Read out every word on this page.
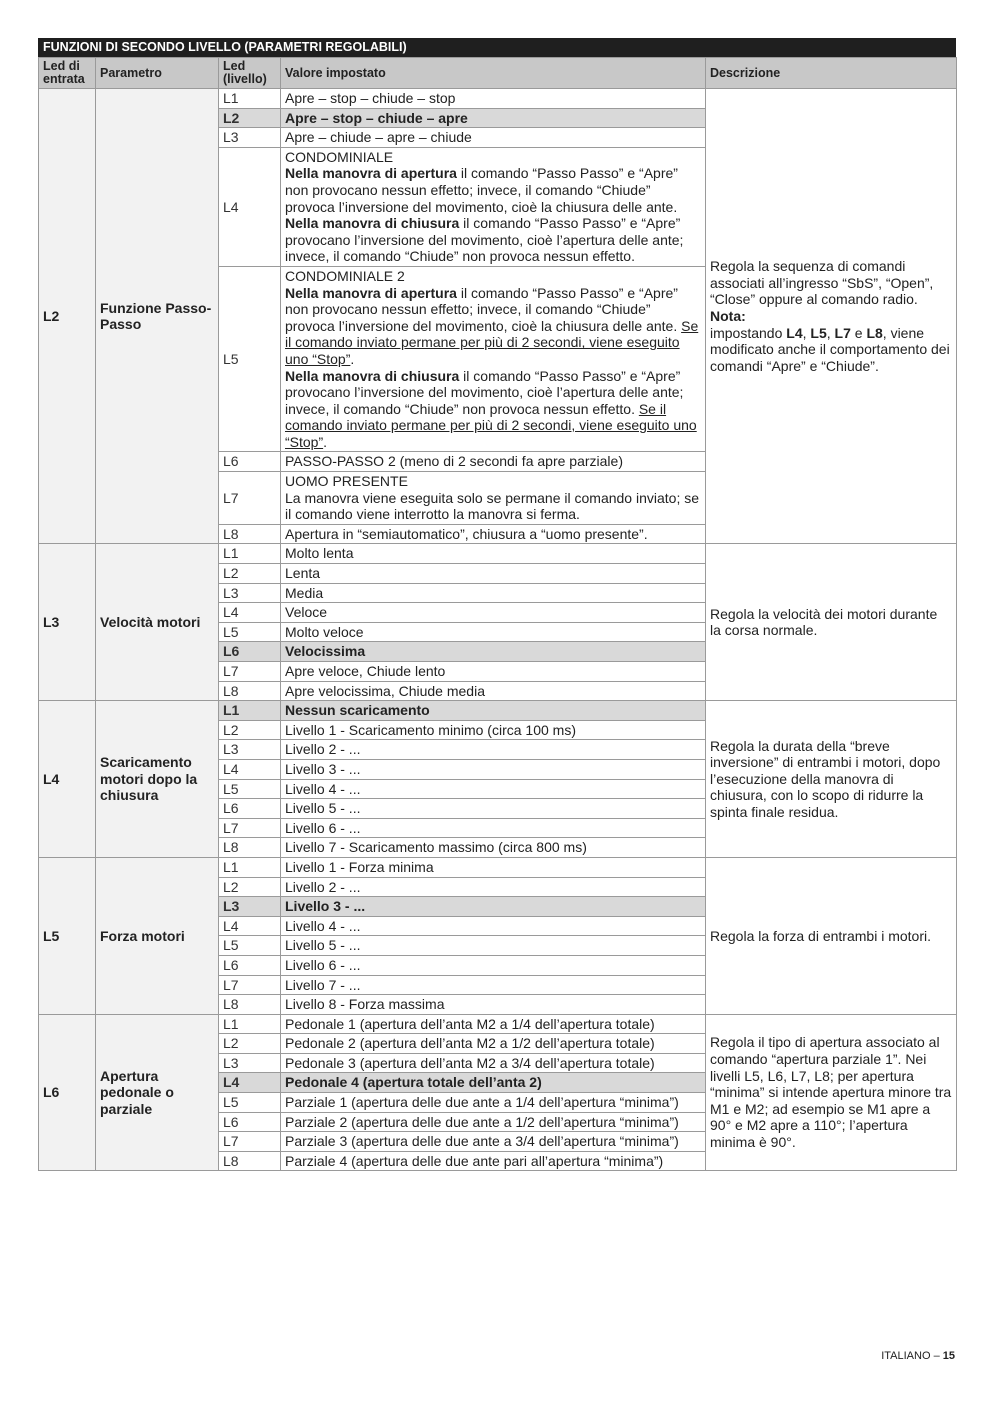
FUNZIONI DI SECONDO LIVELLO (PARAMETRI REGOLABILI)
Led di entrata	Parametro	Led (livello)	Valore impostato	Descrizione
L2	Funzione Passo-Passo	L1	Apre – stop – chiude – stop	Regola la sequenza di comandi associati all’ingresso “SbS”, “Open”, “Close” oppure al comando radio.
Nota:
impostando L4, L5, L7 e L8, viene modificato anche il comportamento dei comandi “Apre” e “Chiude”.
		L2	Apre – stop – chiude – apre	
		L3	Apre – chiude – apre – chiude	
		L4	CONDOMINIALE
Nella manovra di apertura il comando “Passo Passo” e “Apre” non provocano nessun effetto; invece, il comando “Chiude” provoca l’inversione del movimento, cioè la chiusura delle ante.
Nella manovra di chiusura il comando “Passo Passo” e “Apre” provocano l’inversione del movimento, cioè l’apertura delle ante; invece, il comando “Chiude” non provoca nessun effetto.	
		L5	CONDOMINIALE 2
Nella manovra di apertura il comando “Passo Passo” e “Apre” non provocano nessun effetto; invece, il comando “Chiude” provoca l’inversione del movimento, cioè la chiusura delle ante. Se il comando inviato permane per più di 2 secondi, viene eseguito uno “Stop”.
Nella manovra di chiusura il comando “Passo Passo” e “Apre” provocano l’inversione del movimento, cioè l’apertura delle ante; invece, il comando “Chiude” non provoca nessun effetto. Se il comando inviato permane per più di 2 secondi, viene eseguito uno “Stop”.	
		L6	PASSO-PASSO 2 (meno di 2 secondi fa apre parziale)	
		L7	UOMO PRESENTE
La manovra viene eseguita solo se permane il comando inviato; se il comando viene interrotto la manovra si ferma.	
		L8	Apertura in “semiautomatico”, chiusura a “uomo presente”.	
L3	Velocità motori	L1	Molto lenta	Regola la velocità dei motori durante la corsa normale.
		L2	Lenta	
		L3	Media	
		L4	Veloce	
		L5	Molto veloce	
		L6	Velocissima	
		L7	Apre veloce, Chiude lento	
		L8	Apre velocissima, Chiude media	
L4	Scaricamento motori dopo la chiusura	L1	Nessun scaricamento	Regola la durata della “breve inversione” di entrambi i motori, dopo l’esecuzione della manovra di chiusura, con lo scopo di ridurre la spinta finale residua.
		L2	Livello 1 - Scaricamento minimo (circa 100 ms)	
		L3	Livello 2 - ...	
		L4	Livello 3 - ...	
		L5	Livello 4 - ...	
		L6	Livello 5 - ...	
		L7	Livello 6 - ...	
		L8	Livello 7 - Scaricamento massimo (circa 800 ms)	
L5	Forza motori	L1	Livello 1 - Forza minima	Regola la forza di entrambi i motori.
		L2	Livello 2 - ...	
		L3	Livello 3 - ...	
		L4	Livello 4 - ...	
		L5	Livello 5 - ...	
		L6	Livello 6 - ...	
		L7	Livello 7 - ...	
		L8	Livello 8 - Forza massima	
L6	Apertura pedonale o parziale	L1	Pedonale 1 (apertura dell’anta M2 a 1/4 dell’apertura totale)	Regola il tipo di apertura associato al comando “apertura parziale 1”. Nei livelli L5, L6, L7, L8; per apertura “minima” si intende apertura minore tra M1 e M2; ad esempio se M1 apre a 90° e M2 apre a 110°; l’apertura minima è 90°.
		L2	Pedonale 2 (apertura dell’anta M2 a 1/2 dell’apertura totale)	
		L3	Pedonale 3 (apertura dell’anta M2 a 3/4 dell’apertura totale)	
		L4	Pedonale 4 (apertura totale dell’anta 2)	
		L5	Parziale 1 (apertura delle due ante a 1/4 dell’apertura “minima”)	
		L6	Parziale 2 (apertura delle due ante a 1/2 dell’apertura “minima”)	
		L7	Parziale 3 (apertura delle due ante a 3/4 dell’apertura “minima”)	
		L8	Parziale 4 (apertura delle due ante pari all’apertura “minima”)	
ITALIANO – 15
